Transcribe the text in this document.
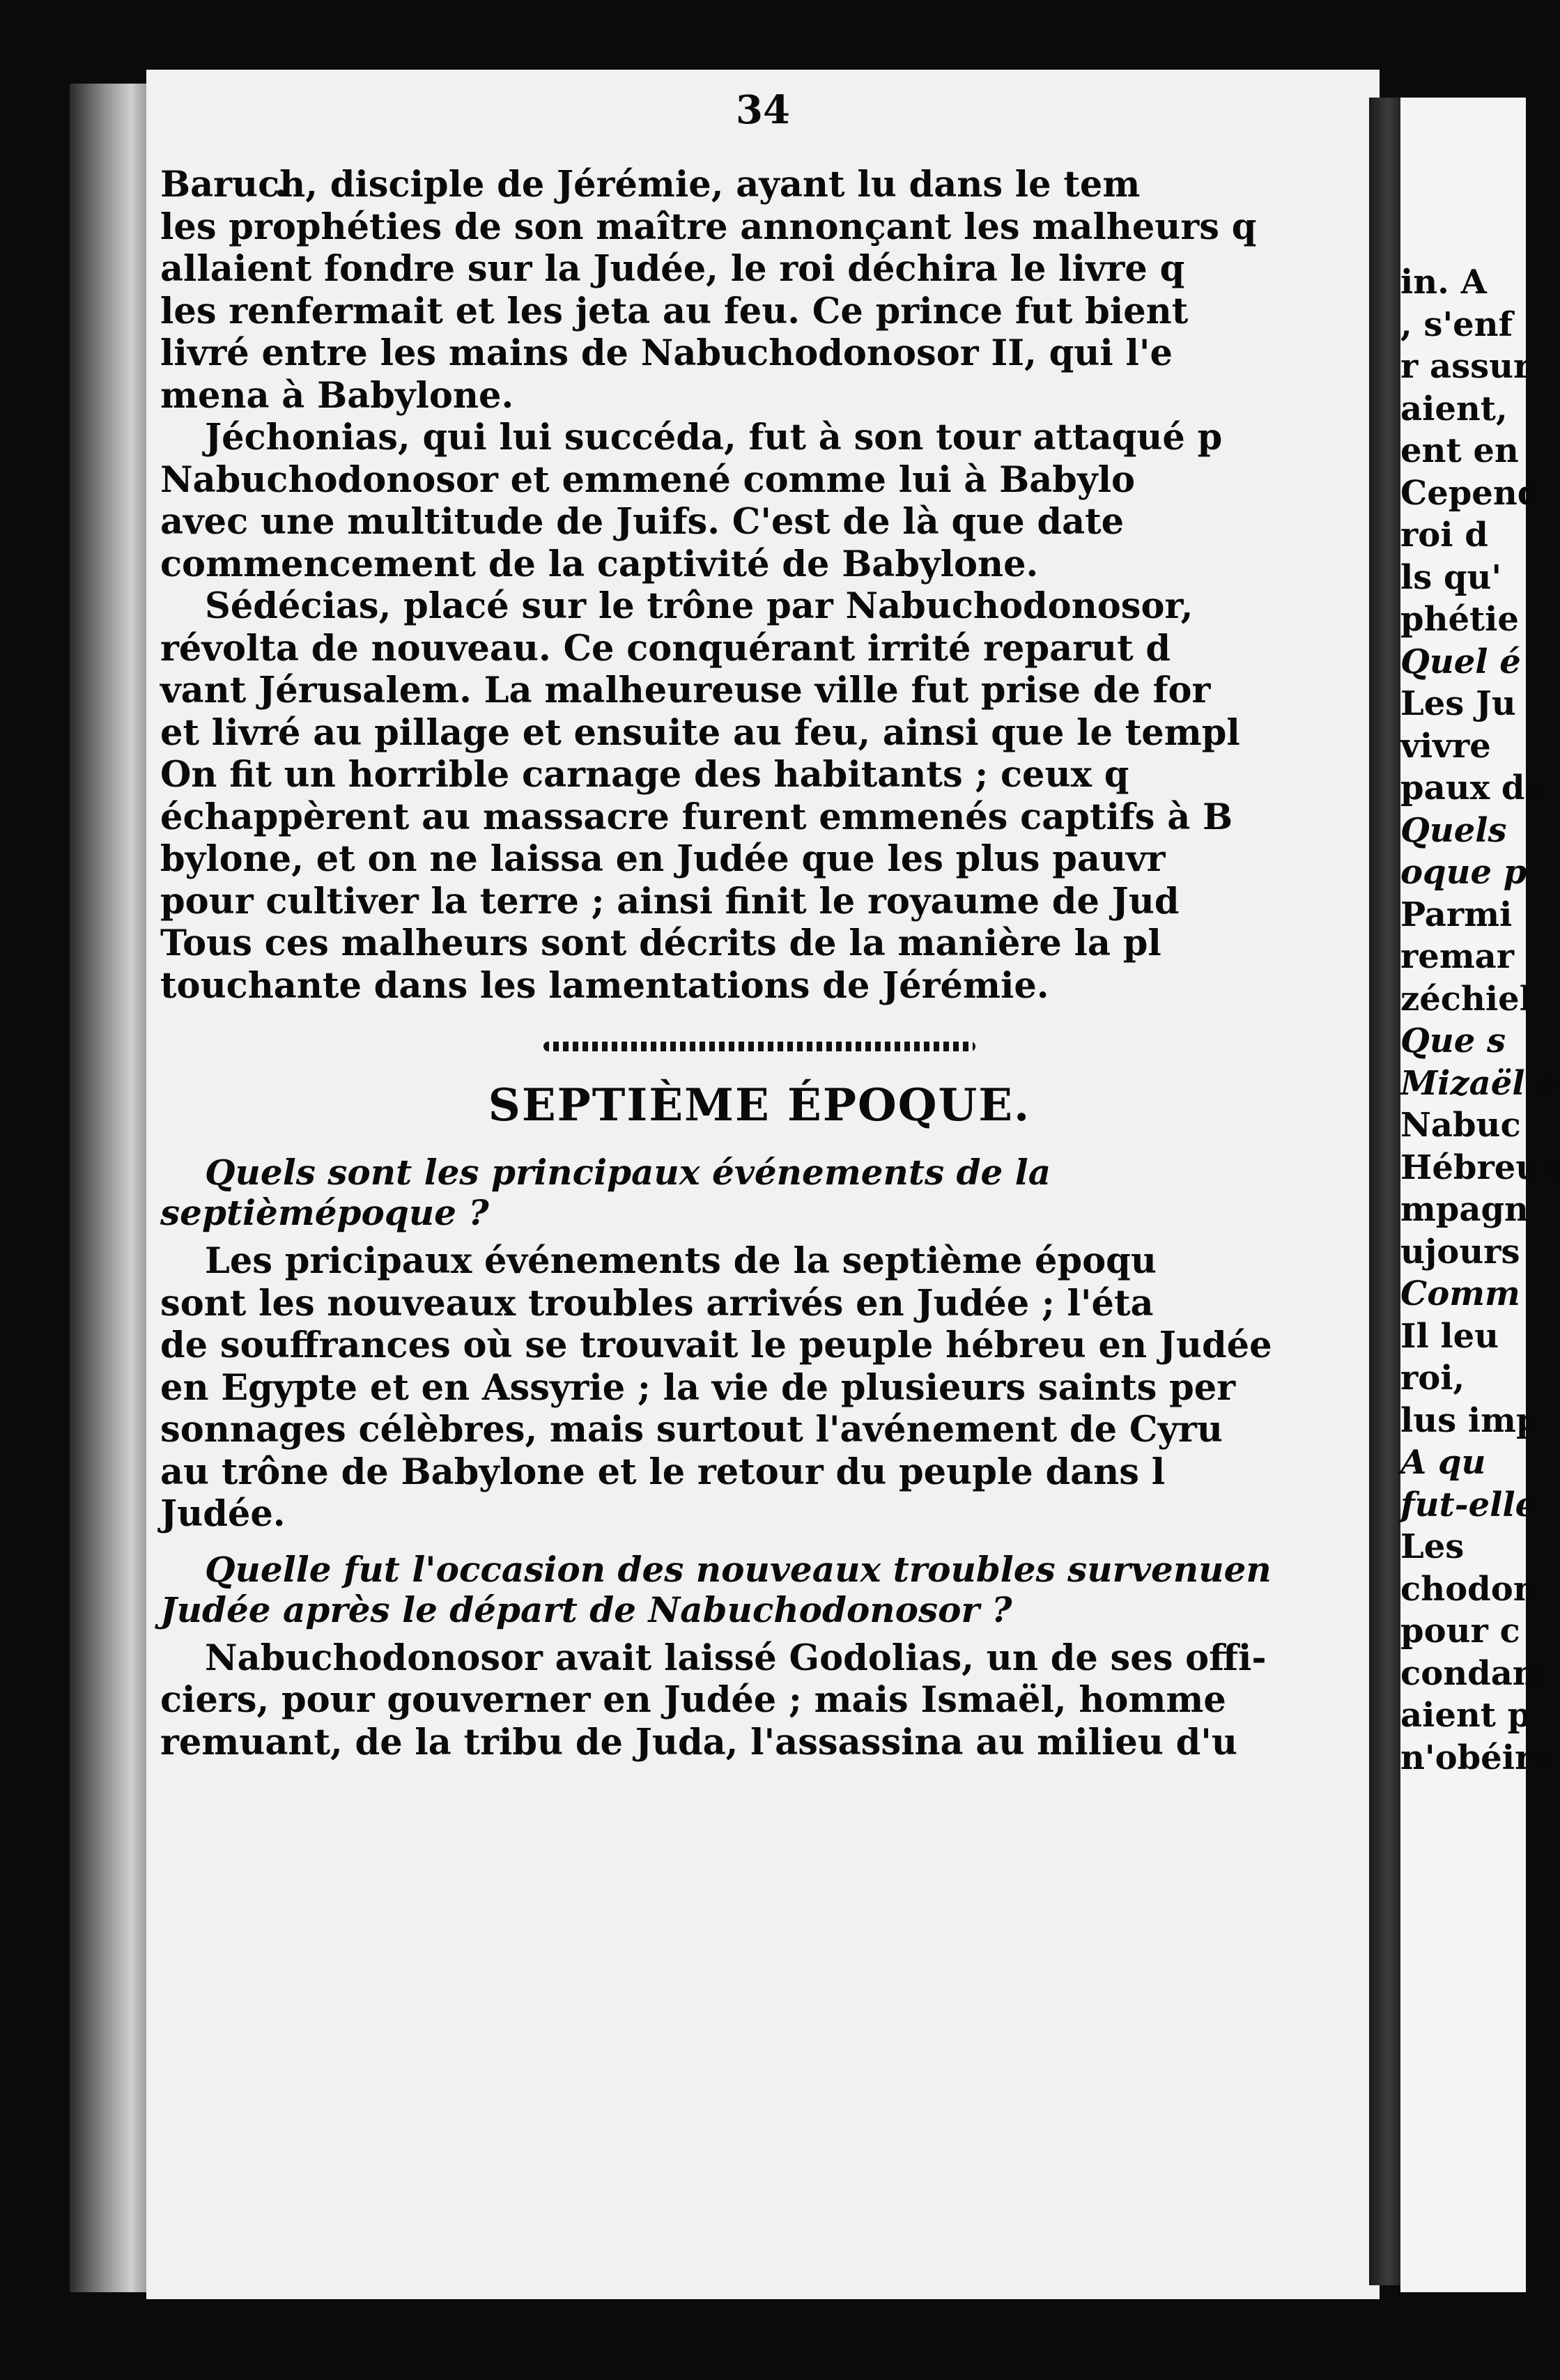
34
Baruch, disciple de Jérémie, ayant lu dans le tem
les prophéties de son maître annonçant les malheurs q
allaient fondre sur la Judée, le roi déchira le livre q
les renfermait et les jeta au feu. Ce prince fut bient
livré entre les mains de Nabuchodonosor II, qui l'e
mena à Babylone.
Jéchonias, qui lui succéda, fut à son tour attaqué p
Nabuchodonosor et emmené comme lui à Babylo
avec une multitude de Juifs. C'est de là que date
commencement de la captivité de Babylone.
Sédécias, placé sur le trône par Nabuchodonosor,
révolta de nouveau. Ce conquérant irrité reparut d
vant Jérusalem. La malheureuse ville fut prise de for
et livré au pillage et ensuite au feu, ainsi que le templ
On fit un horrible carnage des habitants ; ceux q
échappèrent au massacre furent emmenés captifs à B
bylone, et on ne laissa en Judée que les plus pauvr
pour cultiver la terre ; ainsi finit le royaume de Jud
Tous ces malheurs sont décrits de la manière la pl
touchante dans les lamentations de Jérémie.
SEPTIÈME ÉPOQUE.
Quels sont les principaux événements de la septièmépoque ?
Les pricipaux événements de la septième époqu
sont les nouveaux troubles arrivés en Judée ; l'éta
de souffrances où se trouvait le peuple hébreu en Judée
en Egypte et en Assyrie ; la vie de plusieurs saints per
sonnages célèbres, mais surtout l'avénement de Cyru
au trône de Babylone et le retour du peuple dans l
Judée.
Quelle fut l'occasion des nouveaux troubles survenuen Judée après le départ de Nabuchodonosor ?
Nabuchodonosor avait laissé Godolias, un de ses offi-
ciers, pour gouverner en Judée ; mais Ismaël, homme
remuant, de la tribu de Juda, l'assassina au milieu d'u
in. A
, s'enf
r assur
aient,
ent en
Cepend
roi d
ls qu'
phétie
Quel é
Les Ju
vivre
paux de
Quels
oque p
Parmi
remar
zéchiel
Que s
Mizaël e
Nabuc
Hébreux
mpagn
ujours
Comm
Il leu
roi,
lus imp
A qu
fut-elle
Les
chodon
pour c
condam
aient p
n'obéira
